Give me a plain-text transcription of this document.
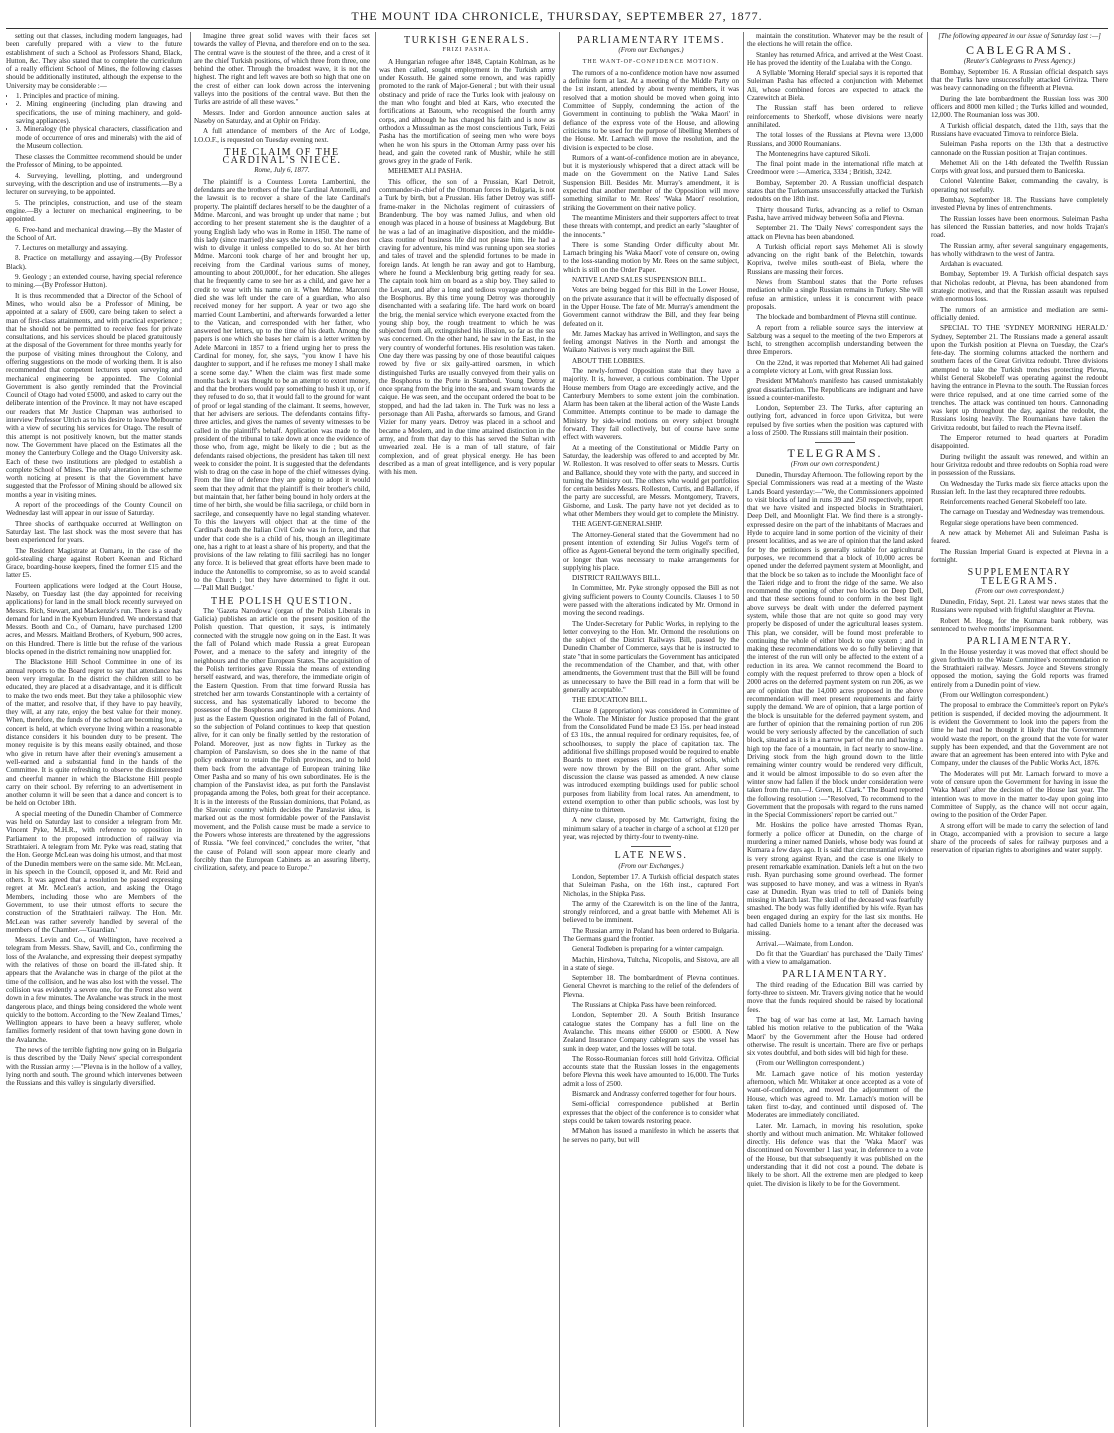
THE MOUNT IDA CHRONICLE, THURSDAY, SEPTEMBER 27, 1877.

setting out that classes, including modern languages, had been carefully prepared with a view to the future establishment of such a School as Professors Shand, Black, Hutton, &c. They also stated that to complete the curriculum of a really efficient School of Mines, the following classes should be additionally instituted, although the expense to the University may be considerable :—

• 1. Principles and practice of mining.
• 2. Mining engineering (including plan drawing and specifications, the use of mining machinery, and gold-saving appliances).
• 3. Mineralogy (the physical characters, classification and mode of occurrence of ores and minerals) with the aid of the Museum collection.

These classes the Committee recommend should be under the Professor of Mining, to be appointed.

4. Surveying, levelling, plotting, and underground surveying, with the description and use of instruments.—By a lecturer on surveying, to be appointed.

5. The principles, construction, and use of the steam engine.—By a lecturer on mechanical engineering, to be appointed.

6. Free-hand and mechanical drawing.—By the Master of the School of Art.

7. Lectures on metallurgy and assaying.

8. Practice on metallurgy and assaying.—(By Professor Black).

9. Geology ; an extended course, having special reference to mining.—(By Professor Hutton).

It is thus recommended that a Director of the School of Mines, who would also be a Professor of Mining, be appointed at a salary of £600, care being taken to select a man of first-class attainments, and with practical experience ; that he should not be permitted to receive fees for private consultations, and his services should be placed gratuitously at the disposal of the Government for three months yearly for the purpose of visiting mines throughout the Colony, and offering suggestions on the mode of working them. It is also recommended that competent lecturers upon surveying and mechanical engineering be appointed. The Colonial Government is also gently reminded that the Provincial Council of Otago had voted £5000, and asked to carry out the deliberate intention of the Province. It may not have escaped our readers that Mr Justice Chapman was authorised to interview Professor Ulrich as to his desire to leave Melbourne with a view of securing his services for Otago. The result of this attempt is not positively known, but the matter stands now. The Government have placed on the Estimates all the money the Canterbury College and the Otago University ask. Each of these two institutions are pledged to establish a complete School of Mines. The only alteration in the scheme worth noticing at present is that the Government have suggested that the Professor of Mining should be allowed six months a year in visiting mines.

A report of the proceedings of the County Council on Wednesday last will appear in our issue of Saturday.

Three shocks of earthquake occurred at Wellington on Saturday last. The last shock was the most severe that has been experienced for years.

The Resident Magistrate at Oamaru, in the case of the gold-stealing charge against Robert Keenan and Richard Grace, boarding-house keepers, fined the former £15 and the latter £5.

Fourteen applications were lodged at the Court House, Naseby, on Tuesday last (the day appointed for receiving applications) for land in the small block recently surveyed on Messrs. Rich, Stewart, and Mackenzie's run. There is a steady demand for land in the Kyeburn Hundred. We understand that Messrs. Booth and Co., of Oamaru, have purchased 1200 acres, and Messrs. Maitland Brothers, of Kyeburn, 900 acres, on this Hundred. There is little but the refuse of the various blocks opened in the district remaining now unapplied for.

The Blackstone Hill School Committee in one of its annual reports to the Board regret to say that attendance has been very irregular. In the district the children still to be educated, they are placed at a disadvantage, and it is difficult to make the two ends meet. But they take a philosophic view of the matter, and resolve that, if they have to pay heavily, they will, at any rate, enjoy the best value for their money. When, therefore, the funds of the school are becoming low, a concert is held, at which everyone living within a reasonable distance considers it his bounden duty to be present. The money requisite is by this means easily obtained, and those who give in return have after their evening's amusement a well-earned and a substantial fund in the hands of the Committee. It is quite refreshing to observe the disinterested and cheerful manner in which the Blackstone Hill people carry on their school. By referring to an advertisement in another column it will be seen that a dance and concert is to be held on October 18th.

A special meeting of the Dunedin Chamber of Commerce was held on Saturday last to consider a telegram from Mr. Vincent Pyke, M.H.R., with reference to opposition in Parliament to the proposed introduction of railway via Strathtaieri. A telegram from Mr. Pyke was read, stating that the Hon. George McLean was doing his utmost, and that most of the Dunedin members were on the same side. Mr. McLean, in his speech in the Council, opposed it, and Mr. Reid and others. It was agreed that a resolution be passed expressing regret at Mr. McLean's action, and asking the Otago Members, including those who are Members of the Government, to use their utmost efforts to secure the construction of the Strathtaieri railway. The Hon. Mr. McLean was rather severely handled by several of the members of the Chamber.—'Guardian.'

Messrs. Levin and Co., of Wellington, have received a telegram from Messrs. Shaw, Savill, and Co., confirming the loss of the Avalanche, and expressing their deepest sympathy with the relatives of those on board the ill-fated ship. It appears that the Avalanche was in charge of the pilot at the time of the collision, and he was also lost with the vessel. The collision was evidently a severe one, for the Forest also went down in a few minutes. The Avalanche was struck in the most dangerous place, and things being considered the whole went quickly to the bottom. According to the 'New Zealand Times,' Wellington appears to have been a heavy sufferer, whole families formerly resident of that town having gone down in the Avalanche.

The news of the terrible fighting now going on in Bulgaria is thus described by the 'Daily News' special correspondent with the Russian army :—"Plevna is in the hollow of a valley, lying north and south. The ground which intervenes between the Russians and this valley is singularly diversified.

Imagine three great solid waves with their faces set towards the valley of Plevna, and therefore end on to the sea. The central wave is the stoutest of the three, and a crest of it are the chief Turkish positions, of which three from three, one behind the other. Through the broadest wave, it is not the highest. The right and left waves are both so high that one on the crest of either can look down across the intervening valleys into the positions of the central wave. But then the Turks are astride of all these waves."

Messrs. Inder and Gordon announce auction sales at Naseby on Saturday, and at Ophir on Friday.

A full attendance of members of the Arc of Lodge, I.O.O.F., is requested on Tuesday evening next.

THE CLAIM OF THE CARDINAL'S NIECE.
Rome, July 6, 1877.

The plaintiff is a Countess Loreta Lambertini, the defendants are the brothers of the late Cardinal Antonelli, and the lawsuit is to recover a share of the late Cardinal's property. The plaintiff declares herself to be the daughter of a Mdme. Marconi, and was brought up under that name ; but according to her present statement she is the daughter of a young English lady who was in Rome in 1850. The name of this lady (since married) she says she knows, but she does not wish to divulge it unless compelled to do so. At her birth Mdme. Marconi took charge of her and brought her up, receiving from the Cardinal various sums of money, amounting to about 200,000f., for her education. She alleges that he frequently came to see her as a child, and gave her a credit to wear with his name on it. When Mdme. Marconi died she was left under the care of a guardian, who also received money for her support. A year or two ago she married Count Lambertini, and afterwards forwarded a letter to the Vatican, and corresponded with her father, who answered her letters, up to the time of his death. Among the papers is one which she bases her claim is a letter written by Adele Marconi in 1857 to a friend urging her to press the Cardinal for money, for, she says, "you know I have his daughter to support, and if he refuses me money I shall make a scene some day." When the claim was first made some months back it was thought to be an attempt to extort money, and that the brothers would pay something to hush it up, or if they refused to do so, that it would fall to the ground for want of proof or legal standing of the claimant. It seems, however, that her advisers are serious. The defendants contains fifty-three articles, and gives the names of seventy witnesses to be called in the plaintiff's behalf. Application was made to the president of the tribunal to take down at once the evidence of those who, from age, might be likely to die ; but as the defendants raised objections, the president has taken till next week to consider the point. It is suggested that the defendants wish to drag on the case in hope of the chief witnesses dying. From the line of defence they are going to adopt it would seem that they admit that the plaintiff is their brother's child, but maintain that, her father being bound in holy orders at the time of her birth, she would be filia sacrilega, or child born in sacrilege, and consequently have no legal standing whatever. To this the lawyers will object that at the time of the Cardinal's death the Italian Civil Code was in force, and that under that code she is a child of his, though an illegitimate one, has a right to at least a share of his property, and that the provisions of the law relating to filii sacrilegi has no longer any force. It is believed that great efforts have been made to induce the Antonellis to compromise, so as to avoid scandal to the Church ; but they have determined to fight it out.—'Pall Mall Budget.'

THE POLISH QUESTION.

The 'Gazeta Narodowa' (organ of the Polish Liberals in Galicia) publishes an article on the present position of the Polish question. That question, it says, is intimately connected with the struggle now going on in the East. It was the fall of Poland which made Russia a great European Power, and a menace to the safety and integrity of the neighbours and the other European States. The acquisition of the Polish territories gave Russia the means of extending herself eastward, and was, therefore, the immediate origin of the Eastern Question. From that time forward Russia has stretched her arm towards Constantinople with a certainty of success, and has systematically labored to become the possessor of the Bosphorus and the Turkish dominions. And just as the Eastern Question originated in the fall of Poland, so the subjection of Poland continues to keep that question alive, for it can only be finally settled by the restoration of Poland. Moreover, just as now fights in Turkey as the champion of Panslavism, so does she in the name of that policy endeavor to retain the Polish provinces, and to hold them back from the advantage of European training like Omer Pasha and so many of his own subordinates. He is the champion of the Panslavist idea, as put forth the Panslavist propaganda among the Poles, both great for their acceptance. It is in the interests of the Russian dominions, that Poland, as the Slavonic country which decides the Panslavist idea, is marked out as the most formidable power of the Panslavist movement, and the Polish cause must be made a service to the Powers whose interests are threatened by the aggressions of Russia. "We feel convinced," concludes the writer, "that the cause of Poland will soon appear more clearly and forcibly than the European Cabinets as an assuring liberty, civilization, safety, and peace to Europe."

TURKISH GENERALS.
FRIZI PASHA.

A Hungarian refugee after 1848, Captain Kohlman, as he was then called, sought employment in the Turkish army under Kossuth. He gained some renown, and was rapidly promoted to the rank of Major-General ; but with their usual obstinacy and pride of race the Turks look with jealousy on the man who fought and bled at Kars, who executed the fortifications at Batoum, who recognised the fourth army corps, and although he has changed his faith and is now as orthodox a Mussulman as the most conscientious Turk, Feizi Pasha has the mortification of seeing men who were boys when he won his spurs in the Ottoman Army pass over his head, and gain the coveted rank of Mushir, while he still grows grey in the grade of Ferik.

MEHEMET ALI PASHA.

This officer, the son of a Prussian, Karl Detroit, commander-in-chief of the Ottoman forces in Bulgaria, is not a Turk by birth, but a Prussian. His father Detroy was stiff-frame-maker in the Nicholas regiment of cuirassiers of Brandenburg. The boy was named Julius, and when old enough was placed in a house of business at Magdeburg. But he was a lad of an imaginative disposition, and the middle-class routine of business life did not please him. He had a craving for adventure, his mind was running upon sea stories and tales of travel and the splendid fortunes to be made in foreign lands. At length he ran away and got to Hamburg, where he found a Mecklenburg brig getting ready for sea. The captain took him on board as a ship boy. They sailed to the Levant, and after a long and tedious voyage anchored in the Bosphorus. By this time young Detroy was thoroughly disenchanted with a seafaring life. The hard work on board the brig, the menial service which everyone exacted from the young ship boy, the rough treatment to which he was subjected from all, extinguished his illusion, so far as the sea was concerned. On the other hand, he saw in the East, in the very country of wonderful fortunes. His resolution was taken. One day there was passing by one of those beautiful caiques rowed by five or six gaily-attired oarsmen, in which distinguished Turks are usually conveyed from their yalis on the Bosphorus to the Porte in Stamboul. Young Detroy at once sprang from the brig into the sea, and swam towards the caique. He was seen, and the occupant ordered the boat to be stopped, and had the lad taken in. The Turk was no less a personage than Ali Pasha, afterwards so famous, and Grand Vizier for many years. Detroy was placed in a school and became a Moslem, and in due time attained distinction in the army, and from that day to this has served the Sultan with unwearied zeal. He is a man of tall stature, of fair complexion, and of great physical energy. He has been described as a man of great intelligence, and is very popular with his men.

PARLIAMENTARY ITEMS.
(From our Exchanges.)
THE WANT-OF-CONFIDENCE MOTION.

The rumors of a no-confidence motion have now assumed a definite form at last. At a meeting of the Middle Party on the 1st instant, attended by about twenty members, it was resolved that a motion should be moved when going into Committee of Supply, condemning the action of the Government in continuing to publish the 'Waka Maori' in defiance of the express vote of the House, and allowing criticisms to be used for the purpose of libelling Members of the House. Mr. Larnach will move the resolution, and the division is expected to be close.

Rumors of a want-of-confidence motion are in abeyance, but it is mysteriously whispered that a direct attack will be made on the Government on the Native Land Sales Suspension Bill. Besides Mr. Murray's amendment, it is expected that another member of the Opposition will move something similar to Mr. Rees' 'Waka Maori' resolution, striking the Government on their native policy.

The meantime Ministers and their supporters affect to treat these threats with contempt, and predict an early "slaughter of the innocents."

There is some Standing Order difficulty about Mr. Larnach bringing his 'Waka Maori' vote of censure on, owing to the loss-standing motion by Mr. Rees on the same subject, which is still on the Order Paper.

NATIVE LAND SALES SUSPENSION BILL.

Votes are being begged for this Bill in the Lower House, on the private assurance that it will be effectually disposed of in the Upper House. The fate of Mr. Murray's amendment the Government cannot withdraw the Bill, and they fear being defeated on it.

Mr. James Mackay has arrived in Wellington, and says the feeling amongst Natives in the North and amongst the Waikato Natives is very much against the Bill.

ABOUT THE LOBBIES.

The newly-formed Opposition state that they have a majority. It is, however, a curious combination. The Upper House members from Otago are exceedingly active, and the Canterbury Members to some extent join the combination. Alarm has been taken at the liberal action of the Waste Lands Committee. Attempts continue to be made to damage the Ministry by side-wind motions on every subject brought forward. They fail collectively, but of course have some effect with waverers.

At a meeting of the Constitutional or Middle Party on Saturday, the leadership was offered to and accepted by Mr. W. Rolleston. It was resolved to offer seats to Messrs. Curtis and Ballance, should they vote with the party, and succeed in turning the Ministry out. The others who would get portfolios for certain besides Messrs. Rolleston, Curtis, and Ballance, if the party are successful, are Messrs. Montgomery, Travers, Gisborne, and Lusk. The party have not yet decided as to what other Members they would get to complete the Ministry.

THE AGENT-GENERALSHIP.

The Attorney-General stated that the Government had no present intention of extending Sir Julius Vogel's term of office as Agent-General beyond the term originally specified, or longer than was necessary to make arrangements for supplying his place.

DISTRICT RAILWAYS BILL.

In Committee, Mr. Pyke strongly opposed the Bill as not giving sufficient powers to County Councils. Clauses 1 to 50 were passed with the alterations indicated by Mr. Ormond in moving the second readings.

The Under-Secretary for Public Works, in replying to the letter conveying to the Hon. Mr. Ormond the resolutions on the subject of the District Railways Bill, passed by the Dunedin Chamber of Commerce, says that he is instructed to state "that in some particulars the Government has anticipated the recommendation of the Chamber, and that, with other amendments, the Government trust that the Bill will be found as unnecessary to have the Bill read in a form that will be generally acceptable."

THE EDUCATION BILL.

Clause 8 (appropriation) was considered in Committee of the Whole. The Minister for Justice proposed that the grant from the Consolidated Fund be made £3 15s. per head instead of £3 10s., the annual required for ordinary requisites, fee, of schoolhouses, to supply the place of capitation tax. The additional five shillings proposed would be required to enable Boards to meet expenses of inspection of schools, which were now thrown by the Bill on the grant. After some discussion the clause was passed as amended. A new clause was introduced exempting buildings used for public school purposes from liability from local rates. An amendment, to extend exemption to other than public schools, was lost by thirty-nine to thirteen.

A new clause, proposed by Mr. Cartwright, fixing the minimum salary of a teacher in charge of a school at £120 per year, was rejected by thirty-four to twenty-nine.

LATE NEWS.
(From our Exchanges.)

London, September 17. A Turkish official despatch states that Suleiman Pasha, on the 16th inst., captured Fort Nicholas, in the Shipka Pass.

The army of the Czarewitch is on the line of the Jantra, strongly reinforced, and a great battle with Mehemet Ali is believed to be imminent.

The Russian army in Poland has been ordered to Bulgaria. The Germans guard the frontier.

General Todleben is preparing for a winter campaign.

Machin, Hirshova, Tultcha, Nicopolis, and Sistova, are all in a state of siege.

September 18. The bombardment of Plevna continues. General Chevret is marching to the relief of the defenders of Plevna.

The Russians at Chipka Pass have been reinforced.

London, September 20. A South British Insurance catalogue states the Company has a full line on the Avalanche. This means either £6000 or £5000. A New Zealand Insurance Company cablegram says the vessel has sunk in deep water, and the losses will be total.

The Rosso-Roumanian forces still hold Grivitza. Official accounts state that the Russian losses in the engagements before Plevna this week have amounted to 16,000. The Turks admit a loss of 2500.

Bismarck and Andrassy conferred together for four hours.

Semi-official correspondence published at Berlin expresses that the object of the conference is to consider what steps could be taken towards restoring peace.

M'Mahon has issued a manifesto in which he asserts that he serves no party, but will

maintain the constitution. Whatever may be the result of the elections he will retain the office.

Stanley has returned Africa, and arrived at the West Coast. He has proved the identity of the Lualaba with the Congo.

A Syllable 'Morning Herald' special says it is reported that Suleiman Pasha has effected a conjunction with Mehemet Ali, whose combined forces are expected to attack the Czarewitch at Biela.

The Russian staff has been ordered to relieve reinforcements to Sherkoff, whose divisions were nearly annihilated.

The total losses of the Russians at Plevna were 13,000 Russians, and 3000 Roumanians.

The Montenegrins have captured Sikoli.

The final point made in the international rifle match at Creedmoor were :—America, 3334 ; British, 3242.

Bombay, September 20. A Russian unofficial despatch states that the Turkomans unsuccessfully attacked the Turkish redoubts on the 18th inst.

Thirty thousand Turks, advancing as a relief to Osman Pasha, have arrived midway between Sofia and Plevna.

September 21. The 'Daily News' correspondent says the attack on Plevna has been abandoned.

A Turkish official report says Mehemet Ali is slowly advancing on the right bank of the Beletchin, towards Kopriva, twelve miles south-east of Biela, where the Russians are massing their forces.

News from Stamboul states that the Porte refuses mediation while a single Russian remains in Turkey. She will refuse an armistice, unless it is concurrent with peace proposals.

The blockade and bombardment of Plevna still continue.

A report from a reliable source says the interview at Salzburg was a sequel to the meeting of the two Emperors at Ischl, to strengthen accomplish understanding between the three Emperors.

On the 22nd, it was reported that Mehemet Ali had gained a complete victory at Lom, with great Russian loss.

President M'Mahon's manifesto has caused unmistakably great dissatisfaction. The Republicans are indignant and have issued a counter-manifesto.

London, September 23. The Turks, after capturing an outlying fort, advanced in force upon Grivitza, but were repulsed by five sorties when the position was captured with a loss of 2500. The Russians still maintain their position.

TELEGRAMS.
(From our own correspondent.)

Dunedin, Thursday Afternoon. The following report by the Special Commissioners was read at a meeting of the Waste Lands Board yesterday:—"We, the Commissioners appointed to visit blocks of land in runs 39 and 250 respectively, report that we have visited and inspected blocks in Strathtaieri, Deep Dell, and Moonlight Flat. We find there is a strongly-expressed desire on the part of the inhabitants of Macraes and Hyde to acquire land in some portion of the vicinity of their present localities, and as we are of opinion that the land asked for by the petitioners is generally suitable for agricultural purposes, we recommend that a block of 10,000 acres be opened under the deferred payment system at Moonlight, and that the block be so taken as to include the Moonlight face of the Taieri ridge and to front the ridge of the same. We also recommend the opening of other two blocks on Deep Dell, and that these sections found to conform in the best light above surveys be dealt with under the deferred payment system, while those that are not quite so good may very properly be disposed of under the agricultural leases system. This plan, we consider, will be found most preferable to continuing the whole of either block to one system ; and in making these recommendations we do so fully believing that the interest of the run will only be affected to the extent of a reduction in its area. We cannot recommend the Board to comply with the request preferred to throw open a block of 2000 acres on the deferred payment system on run 206, as we are of opinion that the 14,000 acres proposed in the above recommendation will meet present requirements and fairly supply the demand. We are of opinion, that a large portion of the block is unsuitable for the deferred payment system, and are further of opinion that the remaining portion of run 206 would be very seriously affected by the cancellation of such block, situated as it is in a narrow part of the run and having a high top the face of a mountain, in fact nearly to snow-line. Driving stock from the high ground down to the little remaining winter country would be rendered very difficult, and it would be almost impossible to do so even after the winter snow had fallen if the block under consideration were taken from the run.—J. Green, H. Clark." The Board reported the following resolution :—"Resolved, To recommend to the Government that the proposals with regard to the runs named in the Special Commissioners' report be carried out."

Mr. Hoskins the police have arrested Thomas Ryan, formerly a police officer at Dunedin, on the charge of murdering a miner named Daniels, whose body was found at Kumara a few days ago. It is said that circumstantial evidence is very strong against Ryan, and the case is one likely to present remarkable examination. Daniels left a hut on the two rush. Ryan purchasing some ground overhead. The former was supposed to have money, and was a witness in Ryan's case at Dunedin. Ryan was tried to tell of Daniels being missing in March last. The skull of the deceased was fearfully smashed. The body was fully identified by his wife. Ryan has been engaged during an expiry for the last six months. He had called Daniels home to a tenant after the deceased was missing.

Arrival.—Waimate, from London.

Do fit that the 'Guardian' has purchased the 'Daily Times' with a view to amalgamation.

PARLIAMENTARY.

The third reading of the Education Bill was carried by forty-three to sixteen. Mr. Travers giving notice that he would move that the funds required should be raised by locational fees.

The bag of war has come at last, Mr. Larnach having tabled his motion relative to the publication of the 'Waka Maori' by the Government after the House had ordered otherwise. The result is uncertain. There are five or perhaps six votes doubtful, and both sides will bid high for these.

(From our Wellington correspondent.)

Mr. Larnach gave notice of his motion yesterday afternoon, which Mr. Whitaker at once accepted as a vote of want-of-confidence, and moved the adjournment of the House, which was agreed to. Mr. Larnach's motion will be taken first to-day, and continued until disposed of. The Moderates are immediately conciliated.

Later. Mr. Larnach, in moving his resolution, spoke shortly and without much animation. Mr. Whitaker followed directly. His defence was that the 'Waka Maori' was discontinued on November 1 last year, in deference to a vote of the House, but that subsequently it was published on the understanding that it did not cost a pound. The debate is likely to be short. All the extreme men are pledged to keep quiet. The division is likely to be for the Government.

[The following appeared in our issue of Saturday last :—]
CABLEGRAMS.
(Reuter's Cablegrams to Press Agency.)

Bombay, September 16. A Russian official despatch says that the Turks have unsuccessfully attacked Grivitza. There was heavy cannonading on the fifteenth at Plevna.

During the late bombardment the Russian loss was 300 officers and 8000 men killed ; the Turks killed and wounded, 12,000. The Roumanian loss was 300.

A Turkish official despatch, dated the 11th, says that the Russians have evacuated Timova to reinforce Biela.

Suleiman Pasha reports on the 13th that a destructive cannonade on the Russian position at Trajan continues.

Mehemet Ali on the 14th defeated the Twelfth Russian Corps with great loss, and pursued them to Baniceska.

Colonel Valentine Baker, commanding the cavalry, is operating not usefully.

Bombay, September 18. The Russians have completely invested Plevna by lines of entrenchments.

The Russian losses have been enormous. Suleiman Pasha has silenced the Russian batteries, and now holds Trajan's road.

The Russian army, after several sanguinary engagements, has wholly withdrawn to the west of Jantra.

Ardahan is evacuated.

Bombay, September 19. A Turkish official despatch says that Nicholas redoubt, at Plevna, has been abandoned from strategic motives, and that the Russian assault was repulsed with enormous loss.

The rumors of an armistice and mediation are semi-officially denied.

SPECIAL TO THE 'SYDNEY MORNING HERALD.' Sydney, September 21. The Russians made a general assault upon the Turkish position at Plevna on Tuesday, the Czar's fete-day. The storming columns attacked the northern and southern faces of the Great Grivitza redoubt. Three divisions attempted to take the Turkish trenches protecting Plevna, whilst General Skobeleff was operating against the redoubt having the entrance in Plevna to the south. The Russian forces were thrice repulsed, and at one time carried some of the trenches. The attack was continued ten hours. Cannonading was kept up throughout the day, against the redoubt, the Russians losing heavily. The Roumanians have taken the Grivitza redoubt, but failed to reach the Plevna itself.

The Emperor returned to head quarters at Poradim disappointed.

During twilight the assault was renewed, and within an hour Grivitza redoubt and three redoubts on Sophia road were in possession of the Russians.

On Wednesday the Turks made six fierce attacks upon the Russian left. In the last they recaptured three redoubts.

Reinforcements reached General Skobeleff too late.

The carnage on Tuesday and Wednesday was tremendous.

Regular siege operations have been commenced.

A new attack by Mehemet Ali and Suleiman Pasha is feared.

The Russian Imperial Guard is expected at Plevna in a fortnight.

SUPPLEMENTARY TELEGRAMS.
(From our own correspondent.)

Dunedin, Friday, Sept. 21. Latest war news states that the Russians were repulsed with frightful slaughter at Plevna.

Robert M. Hogg, for the Kumara bank robbery, was sentenced to twelve months' imprisonment.

PARLIAMENTARY.

In the House yesterday it was moved that effect should be given forthwith to the Waste Committee's recommendation re the Strathtaieri railway. Messrs. Joyce and Stevens strongly opposed the motion, saying the Gold reports was framed entirely from a Dunedin point of view.

(From our Wellington correspondent.)

The proposal to embrace the Committee's report on Pyke's petition is suspended, if decided moving the adjournment. It is evident the Government to look into the papers from the time he had read he thought it likely that the Government would waste the report, on the ground that the vote for water supply has been expended, and that the Government are not aware that an agreement has been entered into with Pyke and Company, under the clauses of the Public Works Act, 1876.

The Moderates will put Mr. Larnach forward to move a vote of censure upon the Government for having in issue the 'Waka Maori' after the decision of the House last year. The intention was to move in the matter to-day upon going into Committee of Supply, as the chance will not occur again, owing to the position of the Order Paper.

A strong effort will be made to carry the selection of land in Otago, accompanied with a provision to secure a large share of the proceeds of sales for railway purposes and a reservation of riparian rights to aborigines and water supply.
